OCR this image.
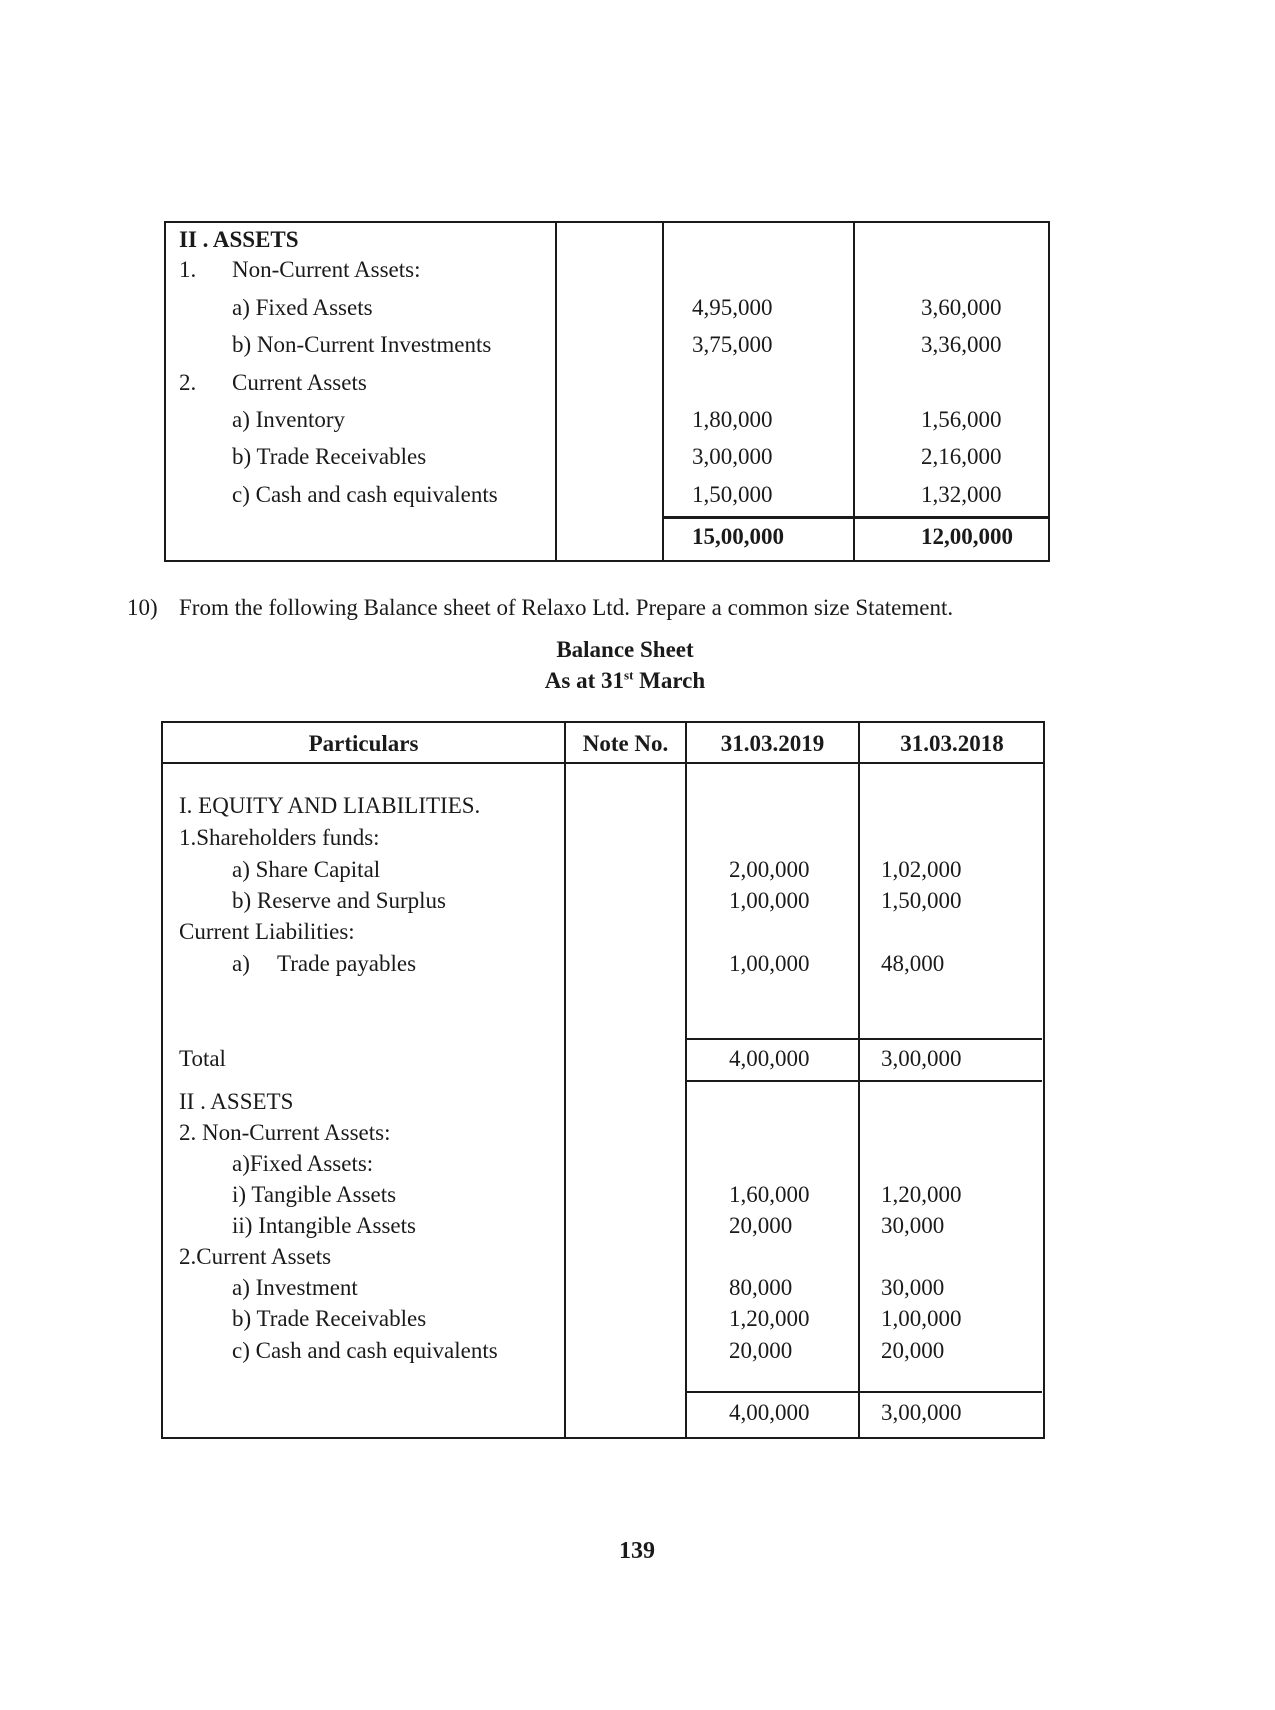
II . ASSETS
1. Non-Current Assets:
a) Fixed Assets	4,95,000	3,60,000
b) Non-Current Investments	3,75,000	3,36,000
2. Current Assets
a) Inventory	1,80,000	1,56,000
b) Trade Receivables	3,00,000	2,16,000
c) Cash and cash equivalents	1,50,000	1,32,000
15,00,000	12,00,000
10) From the following Balance sheet of Relaxo Ltd. Prepare a common size Statement.
Balance Sheet
As at 31st March
Particulars	Note No.	31.03.2019	31.03.2018
I. EQUITY AND LIABILITIES.
1.Shareholders funds:
a) Share Capital	2,00,000	1,02,000
b) Reserve and Surplus	1,00,000	1,50,000
Current Liabilities:
a) Trade payables	1,00,000	48,000
Total	4,00,000	3,00,000
II . ASSETS
2. Non-Current Assets:
a)Fixed Assets:
i) Tangible Assets	1,60,000	1,20,000
ii) Intangible Assets	20,000	30,000
2.Current Assets
a) Investment	80,000	30,000
b) Trade Receivables	1,20,000	1,00,000
c) Cash and cash equivalents	20,000	20,000
4,00,000	3,00,000
139
